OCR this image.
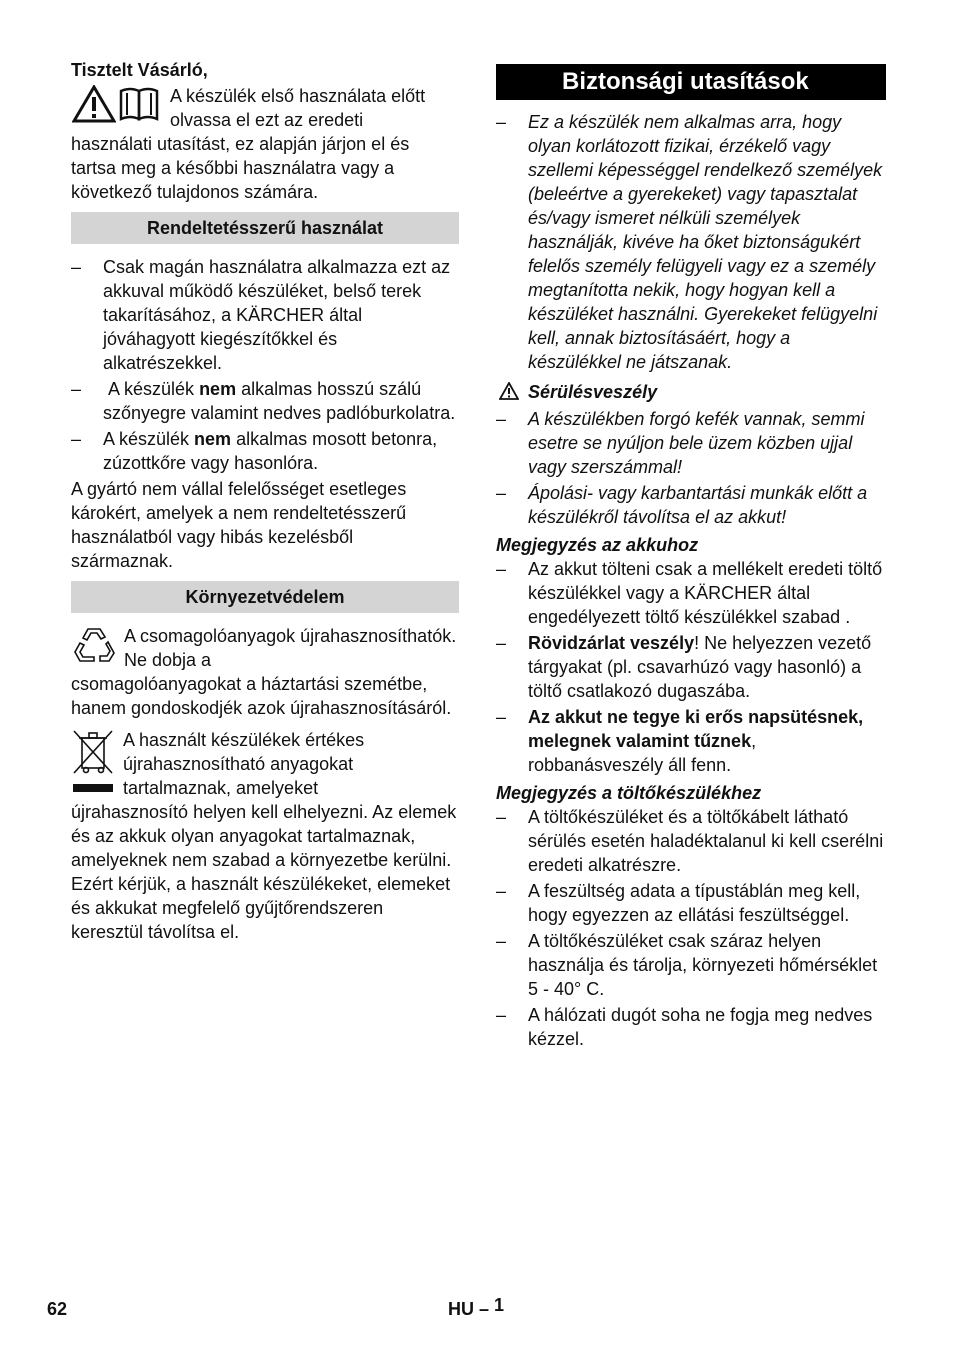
Tisztelt Vásárló,

A készülék első használata előtt olvassa el ezt az eredeti

használati utasítást, ez alapján járjon el és tartsa meg a későbbi használatra vagy a következő tulajdonos számára.

Rendeltetésszerű használat
– Csak magán használatra alkalmazza ezt az akkuval működő készüléket, belső terek takarításához, a KÄRCHER által jóváhagyott kiegészítőkkel és alkatrészekkel.
– A készülék nem alkalmas hosszú szálú szőnyegre valamint nedves padlóburkolatra.
– A készülék nem alkalmas mosott betonra, zúzottkőre vagy hasonlóra.

A gyártó nem vállal felelősséget esetleges károkért, amelyek a nem rendeltetésszerű használatból vagy hibás kezelésből származnak.

Környezetvédelem

A csomagolóanyagok újrahasznosíthatók. Ne dobja a

csomagolóanyagokat a háztartási szemétbe, hanem gondoskodjék azok újrahasznosításáról.

A használt készülékek értékes újrahasznosítható anyagokat tartalmaznak, amelyeket

újrahasznosító helyen kell elhelyezni. Az elemek és az akkuk olyan anyagokat tartalmaznak, amelyeknek nem szabad a környezetbe kerülni. Ezért kérjük, a használt készülékeket, elemeket és akkukat megfelelő gyűjtőrendszeren keresztül távolítsa el.

Biztonsági utasítások
– Ez a készülék nem alkalmas arra, hogy olyan korlátozott fizikai, érzékelő vagy szellemi képességgel rendelkező személyek (beleértve a gyerekeket) vagy tapasztalat és/vagy ismeret nélküli személyek használják, kivéve ha őket biztonságukért felelős személy felügyeli vagy ez a személy megtanította nekik, hogy hogyan kell a készüléket használni. Gyerekeket felügyelni kell, annak biztosításáért, hogy a készülékkel ne játszanak.
Sérülésveszély
– A készülékben forgó kefék vannak, semmi esetre se nyúljon bele üzem közben ujjal vagy szerszámmal!
– Ápolási- vagy karbantartási munkák előtt a készülékről távolítsa el az akkut!

Megjegyzés az akkuhoz

– Az akkut tölteni csak a mellékelt eredeti töltő készülékkel vagy a KÄRCHER által engedélyezett töltő készülékkel szabad .
– Rövidzárlat veszély! Ne helyezzen vezető tárgyakat (pl. csavarhúzó vagy hasonló) a töltő csatlakozó dugaszába.
– Az akkut ne tegye ki erős napsütésnek, melegnek valamint tűznek, robbanásveszély áll fenn.

Megjegyzés a töltőkészülékhez

– A töltőkészüléket és a töltőkábelt látható sérülés esetén haladéktalanul ki kell cserélni eredeti alkatrészre.
– A feszültség adata a típustáblán meg kell, hogy egyezzen az ellátási feszültséggel.
– A töltőkészüléket csak száraz helyen használja és tárolja, környezeti hőmérséklet 5 - 40° C.
– A hálózati dugót soha ne fogja meg nedves kézzel.
62	HU – 1
